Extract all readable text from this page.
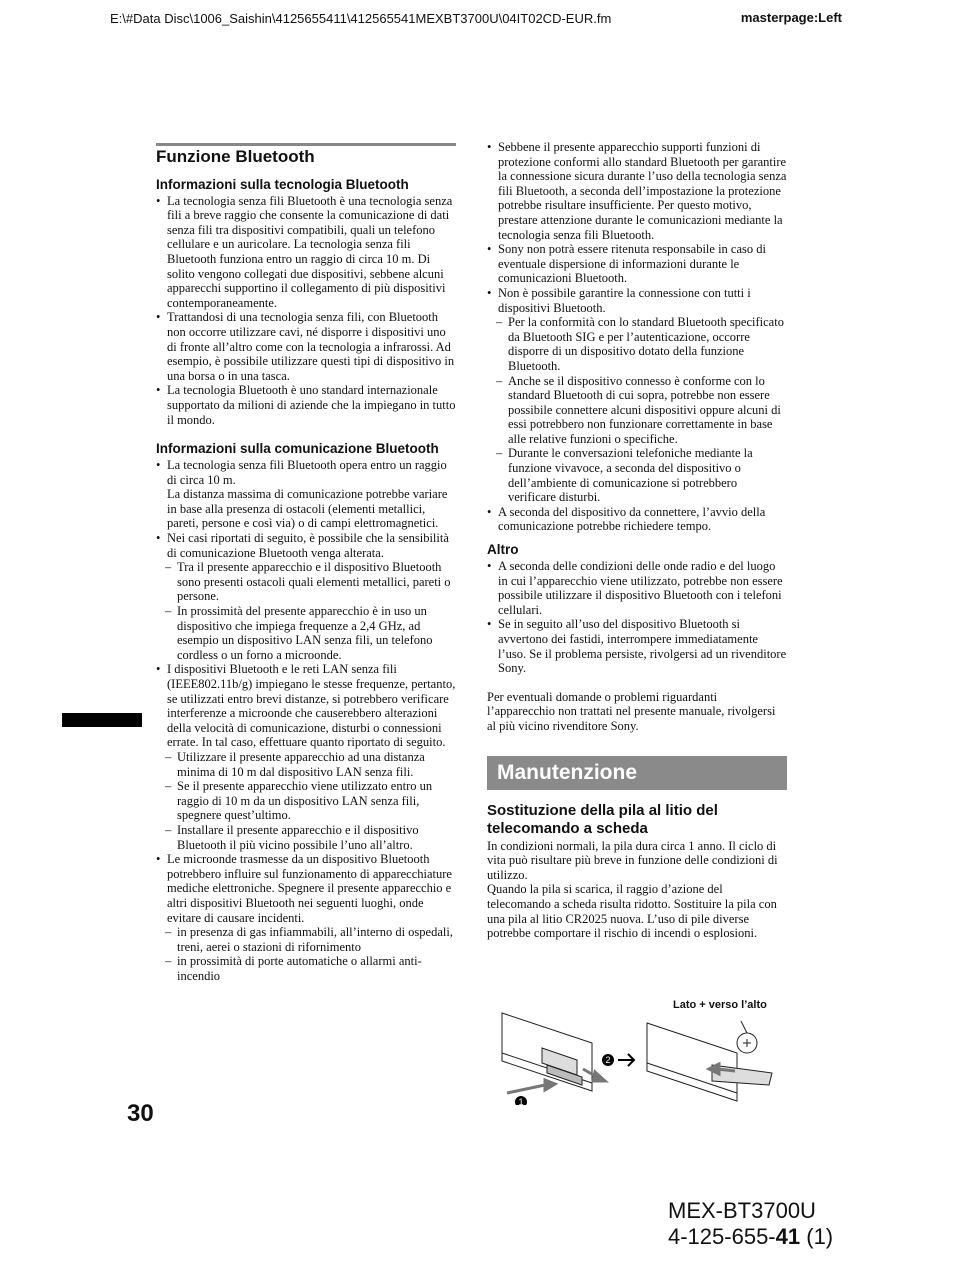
E:\#Data Disc\1006_Saishin\4125655411\412565541MEXBT3700U\04IT02CD-EUR.fm	masterpage:Left
Funzione Bluetooth
Informazioni sulla tecnologia Bluetooth
• La tecnologia senza fili Bluetooth è una tecnologia senza fili a breve raggio che consente la comunicazione di dati senza fili tra dispositivi compatibili, quali un telefono cellulare e un auricolare. La tecnologia senza fili Bluetooth funziona entro un raggio di circa 10 m. Di solito vengono collegati due dispositivi, sebbene alcuni apparecchi supportino il collegamento di più dispositivi contemporaneamente.
• Trattandosi di una tecnologia senza fili, con Bluetooth non occorre utilizzare cavi, né disporre i dispositivi uno di fronte all’altro come con la tecnologia a infrarossi. Ad esempio, è possibile utilizzare questi tipi di dispositivo in una borsa o in una tasca.
• La tecnologia Bluetooth è uno standard internazionale supportato da milioni di aziende che la impiegano in tutto il mondo.
Informazioni sulla comunicazione Bluetooth

• La tecnologia senza fili Bluetooth opera entro un raggio di circa 10 m.

La distanza massima di comunicazione potrebbe variare in base alla presenza di ostacoli (elementi metallici, pareti, persone e così via) o di campi elettromagnetici.

• Nei casi riportati di seguito, è possibile che la sensibilità di comunicazione Bluetooth venga alterata.

– Tra il presente apparecchio e il dispositivo Bluetooth sono presenti ostacoli quali elementi metallici, pareti o persone.
– In prossimità del presente apparecchio è in uso un dispositivo che impiega frequenze a 2,4 GHz, ad esempio un dispositivo LAN senza fili, un telefono cordless o un forno a microonde.

• I dispositivi Bluetooth e le reti LAN senza fili (IEEE802.11b/g) impiegano le stesse frequenze, pertanto, se utilizzati entro brevi distanze, si potrebbero verificare interferenze a microonde che causerebbero alterazioni della velocità di comunicazione, disturbi o connessioni errate. In tal caso, effettuare quanto riportato di seguito.

– Utilizzare il presente apparecchio ad una distanza minima di 10 m dal dispositivo LAN senza fili.
– Se il presente apparecchio viene utilizzato entro un raggio di 10 m da un dispositivo LAN senza fili, spegnere quest’ultimo.
– Installare il presente apparecchio e il dispositivo Bluetooth il più vicino possibile l’uno all’altro.

• Le microonde trasmesse da un dispositivo Bluetooth potrebbero influire sul funzionamento di apparecchiature mediche elettroniche. Spegnere il presente apparecchio e altri dispositivi Bluetooth nei seguenti luoghi, onde evitare di causare incidenti.

– in presenza di gas infiammabili, all’interno di ospedali, treni, aerei o stazioni di rifornimento
– in prossimità di porte automatiche o allarmi anti-incendio
• Sebbene il presente apparecchio supporti funzioni di protezione conformi allo standard Bluetooth per garantire la connessione sicura durante l’uso della tecnologia senza fili Bluetooth, a seconda dell’impostazione la protezione potrebbe risultare insufficiente. Per questo motivo, prestare attenzione durante le comunicazioni mediante la tecnologia senza fili Bluetooth.
• Sony non potrà essere ritenuta responsabile in caso di eventuale dispersione di informazioni durante le comunicazioni Bluetooth.

• Non è possibile garantire la connessione con tutti i dispositivi Bluetooth.

– Per la conformità con lo standard Bluetooth specificato da Bluetooth SIG e per l’autenticazione, occorre disporre di un dispositivo dotato della funzione Bluetooth.
– Anche se il dispositivo connesso è conforme con lo standard Bluetooth di cui sopra, potrebbe non essere possibile connettere alcuni dispositivi oppure alcuni di essi potrebbero non funzionare correttamente in base alle relative funzioni o specifiche.
– Durante le conversazioni telefoniche mediante la funzione vivavoce, a seconda del dispositivo o dell’ambiente di comunicazione si potrebbero verificare disturbi.
• A seconda del dispositivo da connettere, l’avvio della comunicazione potrebbe richiedere tempo.
Altro
• A seconda delle condizioni delle onde radio e del luogo in cui l’apparecchio viene utilizzato, potrebbe non essere possibile utilizzare il dispositivo Bluetooth con i telefoni cellulari.
• Se in seguito all’uso del dispositivo Bluetooth si avvertono dei fastidi, interrompere immediatamente l’uso. Se il problema persiste, rivolgersi ad un rivenditore Sony.

Per eventuali domande o problemi riguardanti l’apparecchio non trattati nel presente manuale, rivolgersi al più vicino rivenditore Sony.

Manutenzione
Sostituzione della pila al litio del telecomando a scheda

In condizioni normali, la pila dura circa 1 anno. Il ciclo di vita può risultare più breve in funzione delle condizioni di utilizzo.

Quando la pila si scarica, il raggio d’azione del telecomando a scheda risulta ridotto. Sostituire la pila con una pila al litio CR2025 nuova. L’uso di pile diverse potrebbe comportare il rischio di incendi o esplosioni.

Lato + verso l’alto
1
2
30
MEX-BT3700U
4-125-655-41 (1)
